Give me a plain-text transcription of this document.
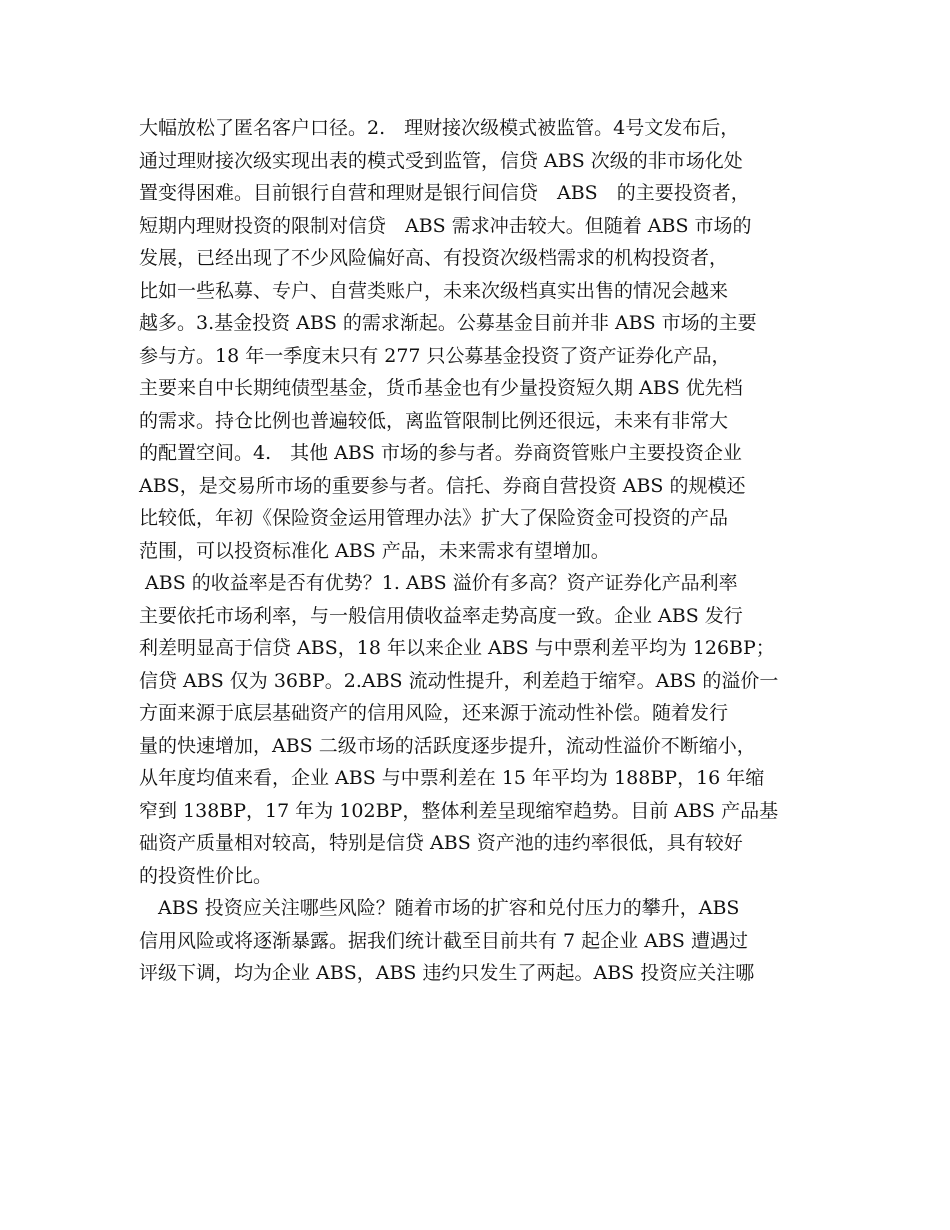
大幅放松了匿名客户口径。2.　理财接次级模式被监管。4号文发布后，
通过理财接次级实现出表的模式受到监管，信贷 ABS 次级的非市场化处
置变得困难。目前银行自营和理财是银行间信贷　ABS　的主要投资者，
短期内理财投资的限制对信贷　ABS 需求冲击较大。但随着 ABS 市场的
发展，已经出现了不少风险偏好高、有投资次级档需求的机构投资者，
比如一些私募、专户、自营类账户，未来次级档真实出售的情况会越来
越多。3.基金投资 ABS 的需求渐起。公募基金目前并非 ABS 市场的主要
参与方。18 年一季度末只有 277 只公募基金投资了资产证券化产品，
主要来自中长期纯债型基金，货币基金也有少量投资短久期 ABS 优先档
的需求。持仓比例也普遍较低，离监管限制比例还很远，未来有非常大
的配置空间。4.　其他 ABS 市场的参与者。券商资管账户主要投资企业
ABS，是交易所市场的重要参与者。信托、券商自营投资 ABS 的规模还
比较低，年初《保险资金运用管理办法》扩大了保险资金可投资的产品
范围，可以投资标准化 ABS 产品，未来需求有望增加。
ABS 的收益率是否有优势？1. ABS 溢价有多高？资产证券化产品利率
主要依托市场利率，与一般信用债收益率走势高度一致。企业 ABS 发行
利差明显高于信贷 ABS，18 年以来企业 ABS 与中票利差平均为 126BP；
信贷 ABS 仅为 36BP。2.ABS 流动性提升，利差趋于缩窄。ABS 的溢价一
方面来源于底层基础资产的信用风险，还来源于流动性补偿。随着发行
量的快速增加，ABS 二级市场的活跃度逐步提升，流动性溢价不断缩小，
从年度均值来看，企业 ABS 与中票利差在 15 年平均为 188BP，16 年缩
窄到 138BP，17 年为 102BP，整体利差呈现缩窄趋势。目前 ABS 产品基
础资产质量相对较高，特别是信贷 ABS 资产池的违约率很低，具有较好
的投资性价比。
　ABS 投资应关注哪些风险？随着市场的扩容和兑付压力的攀升，ABS
信用风险或将逐渐暴露。据我们统计截至目前共有 7 起企业 ABS 遭遇过
评级下调，均为企业 ABS，ABS 违约只发生了两起。ABS 投资应关注哪
